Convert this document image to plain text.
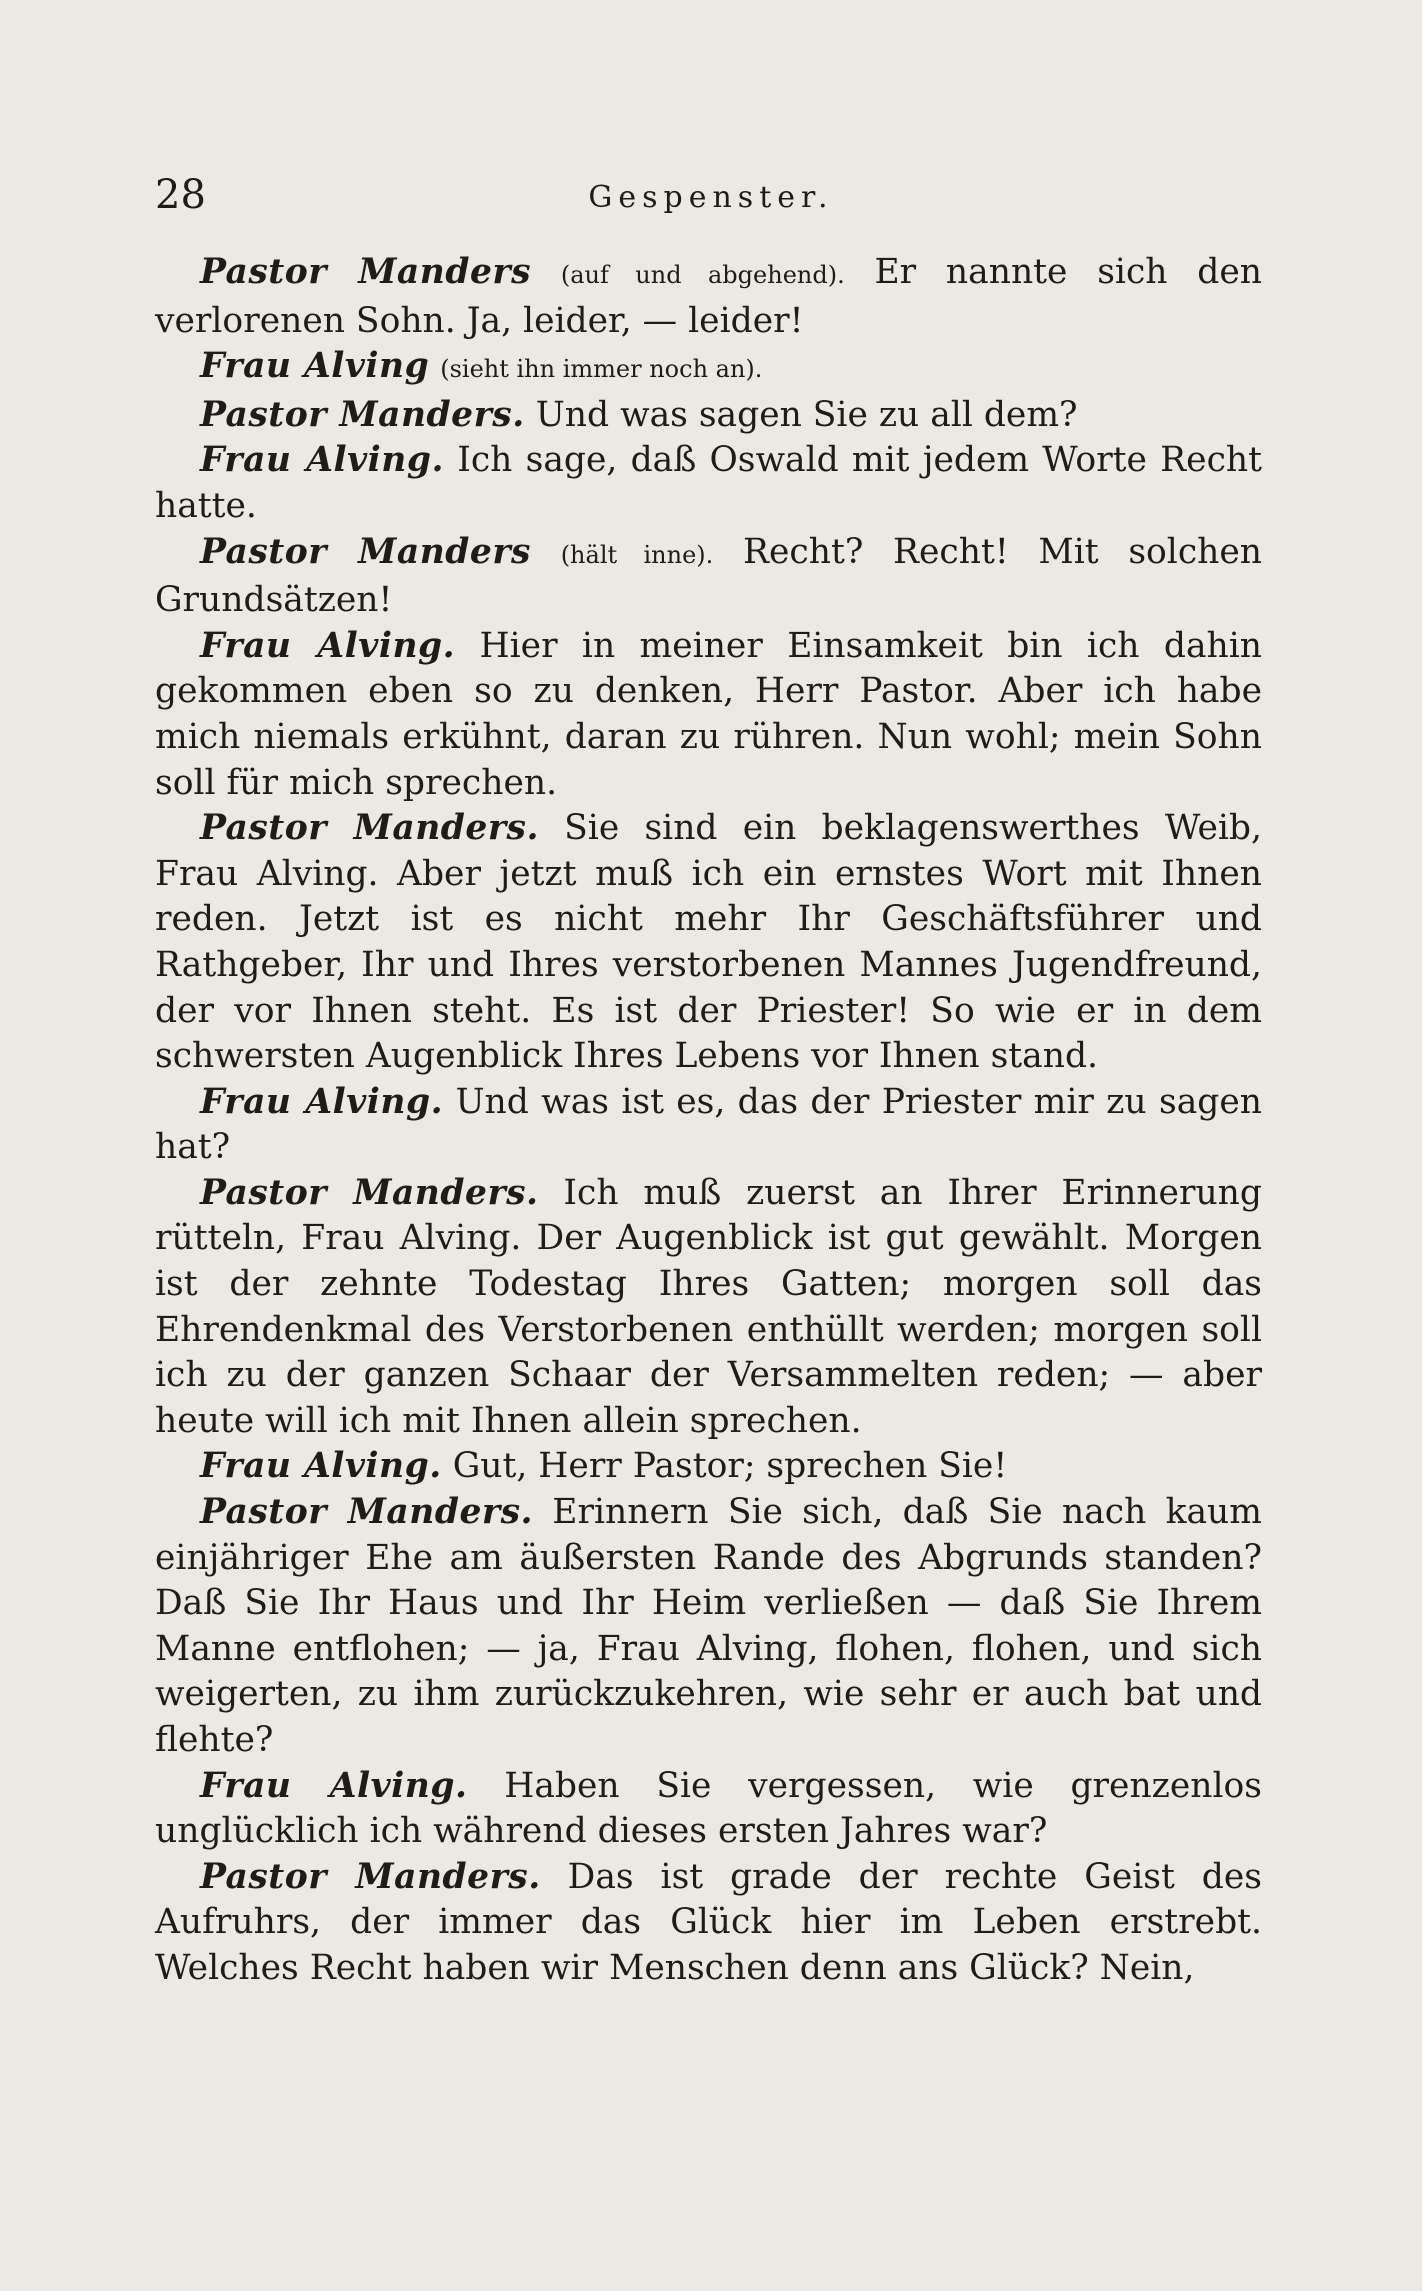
28	Gespenster.

Pastor Manders (auf und abgehend). Er nannte sich den verlorenen Sohn. Ja, leider, — leider!

Frau Alving (sieht ihn immer noch an).

Pastor Manders. Und was sagen Sie zu all dem?

Frau Alving. Ich sage, daß Oswald mit jedem Worte Recht hatte.

Pastor Manders (hält inne). Recht? Recht! Mit solchen Grundsätzen!

Frau Alving. Hier in meiner Einsamkeit bin ich dahin gekommen eben so zu denken, Herr Pastor. Aber ich habe mich niemals erkühnt, daran zu rühren. Nun wohl; mein Sohn soll für mich sprechen.

Pastor Manders. Sie sind ein beklagenswerthes Weib, Frau Alving. Aber jetzt muß ich ein ernstes Wort mit Ihnen reden. Jetzt ist es nicht mehr Ihr Geschäftsführer und Rathgeber, Ihr und Ihres verstorbenen Mannes Jugendfreund, der vor Ihnen steht. Es ist der Priester! So wie er in dem schwersten Augenblick Ihres Lebens vor Ihnen stand.

Frau Alving. Und was ist es, das der Priester mir zu sagen hat?

Pastor Manders. Ich muß zuerst an Ihrer Erinnerung rütteln, Frau Alving. Der Augenblick ist gut gewählt. Morgen ist der zehnte Todestag Ihres Gatten; morgen soll das Ehrendenkmal des Verstorbenen enthüllt werden; morgen soll ich zu der ganzen Schaar der Versammelten reden; — aber heute will ich mit Ihnen allein sprechen.

Frau Alving. Gut, Herr Pastor; sprechen Sie!

Pastor Manders. Erinnern Sie sich, daß Sie nach kaum einjähriger Ehe am äußersten Rande des Abgrunds standen? Daß Sie Ihr Haus und Ihr Heim verließen — daß Sie Ihrem Manne entflohen; — ja, Frau Alving, flohen, flohen, und sich weigerten, zu ihm zurückzukehren, wie sehr er auch bat und flehte?

Frau Alving. Haben Sie vergessen, wie grenzenlos unglücklich ich während dieses ersten Jahres war?

Pastor Manders. Das ist grade der rechte Geist des Aufruhrs, der immer das Glück hier im Leben erstrebt. Welches Recht haben wir Menschen denn ans Glück? Nein,
